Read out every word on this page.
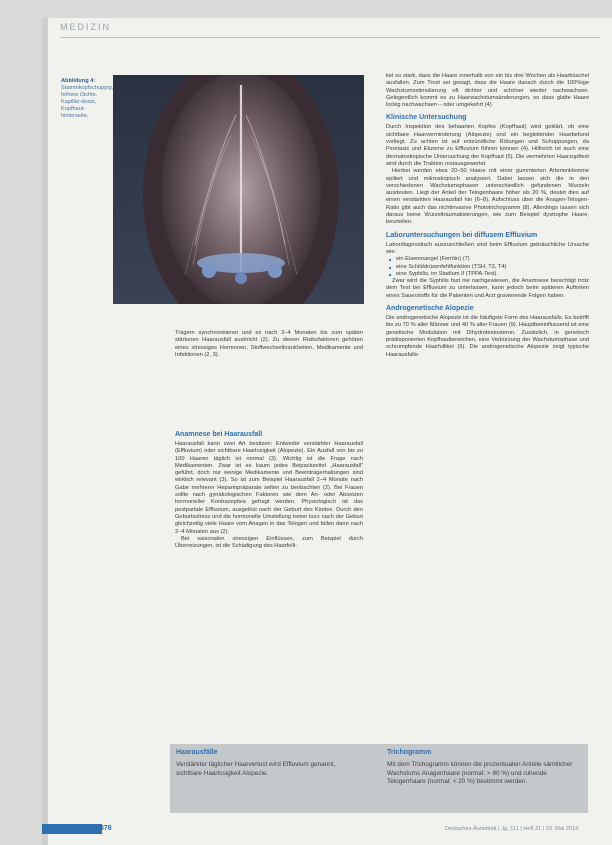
MEDIZIN
Abbildung 4: Stammkopfschuppig, höhere Dichte, Kapillar-dosis, Kopfhaut-hinterseite.

Trägern synchronisieren und es nach 2–4 Monaten bis zum späten stärkeren Haarausfall ausbricht (2). Zu diesen Risikofaktoren gehören eines stressiges Hormonen, Stoffwechselkrankheiten, Medikamente und Infektionen (2, 3).

Anamnese bei Haarausfall

Haarausfall kann zwei Art besitzen: Entweder verstärkter Haarausfall (Effluvium) oder sichtbare Haarlosigkeit (Alopezie). Ein Ausfall von bis zu 100 Haaren täglich ist normal (3). Wichtig ist die Frage nach Medikamenten. Zwar ist es kaum jedes Beipackzettel „Haarausfall“ geführt, doch nur wenige Medikamente und Beeinträgerhaltungen sind wirklich relevant (3). So ist zum Beispiel Haarausfall 2–4 Monate nach Gabe mehrerer Heparinpräparate selten zu beobachten (2). Bei Frauen sollte nach gynäkologischen Faktoren wie dem An- oder Absetzen hormoneller Kontrazeptiva gefragt werden. Physiologisch ist das postpartale Effluvium, ausgelöst nach der Geburt des Kindes. Durch den Geburtsstress und die hormonelle Umstellung treten kurz nach der Geburt gleichzeitig viele Haare vom Anagen in das Telogen und fallen dann nach 2–4 Monaten aus (2).

Bei saisonalen stressigen Einflüssen, zum Beispiel durch Überreizungen, ist die Schädigung des Haarfolli-

kel so stark, dass die Haare innerhalb von ein bis drei Wochen als Haarbüschel ausfallen. Zum Trost sei gesagt, dass die Haare danach durch die 100%ige Wachstumsstimulierung oft dichter und schöner wieder nachwachsen. Gelegentlich kommt es zu Haarwachstumsänderungen, so dass glatte Haare lockig nachwachsen – oder umgekehrt (4).

Klinische Untersuchung

Durch Inspektion des behaarten Kopfes (Kopfhaut) wird geklärt, ob eine sichtbare Haarverminderung (Alopezie) und ein begleitender Haarbefund vorliegt. Zu achten ist auf entzündliche Rötungen und Schuppungen, da Psoriasis und Ekzeme zu Effluvium führen können (4). Hilfreich ist auch eine dermatoskopische Untersuchung der Kopfhaut (5). Die vermehrten Haarzupftest wird durch die Traktion rostausgewertet.

Hierbei werden etwa 20–50 Haare mit einer gummierten Arterienklemme epiliert und mikroskopisch analysiert. Dabei lassen sich die in den verschiedenen Wachstumsphasen unterschiedlich gefundenen Wurzeln ausdeuten. Liegt der Anteil der Telogenhaare höher als 20 %, deutet dies auf einen verstärkten Haarausfall hin (6–8). Aufschluss über die Anagen-Telogen-Ratio gibt auch das nichtinvasive Phototrichogramm (8). Allerdings lassen sich daraus keine Wurzeltraumatisierungen, wie zum Beispiel dystrophe Haare, beurteilen.

Laboruntersuchungen bei diffusem Effluvium

Labordiagnostisch auszuschließen sind beim Effluvium gebräuchliche Ursache wie:

■ ein Eisenmangel (Ferritin) (7)
■ eine Schilddrüsenfehlfunktion (TSH, T3, T4)
■ eine Syphilis, im Stadium II (TPPA-Test).

Zwar wird die Syphilis fast nie nachgewiesen, die Anamnese berechtigt trotz dem Test bei Effluvium zu unterlassen, kann jedoch beim späteren Auftreten eines Sauerstoffs für die Patienten und Arzt gravierende Folgen haben.

Androgenetische Alopezie

Die androgenetische Alopezie ist die häufigste Form des Haarausfalls. Es betrifft bis zu 70 % aller Männer und 40 % aller Frauen (9). Hauptbeeinflussend ist eine genetische Modulation mit Dihydrotestosteron. Zusätzlich, in genetisch prädisponierten Kopfhautbereichen, eine Verkürzung der Wachstumsphase und schrumpfende Haarfollikel (9). Die androgenetische Alopezie zeigt typische Haarausfalls-

Haarausfälle
Verstärkter täglicher Haarverlust wird Effluvium genannt, sichtbare Haarlosigkeit Alopezie.
Trichogramm
Mit dem Trichogramm können die prozentualen Anteile sämtlicher Wachstums Anagenhaare (normal: > 80 %) und ruhende Telogenhaare (normal: < 20 %) bestimmt werden.
378	Deutsches Ärzteblatt | Jg. 111 | Heft 21 | 23. Mai 2014
